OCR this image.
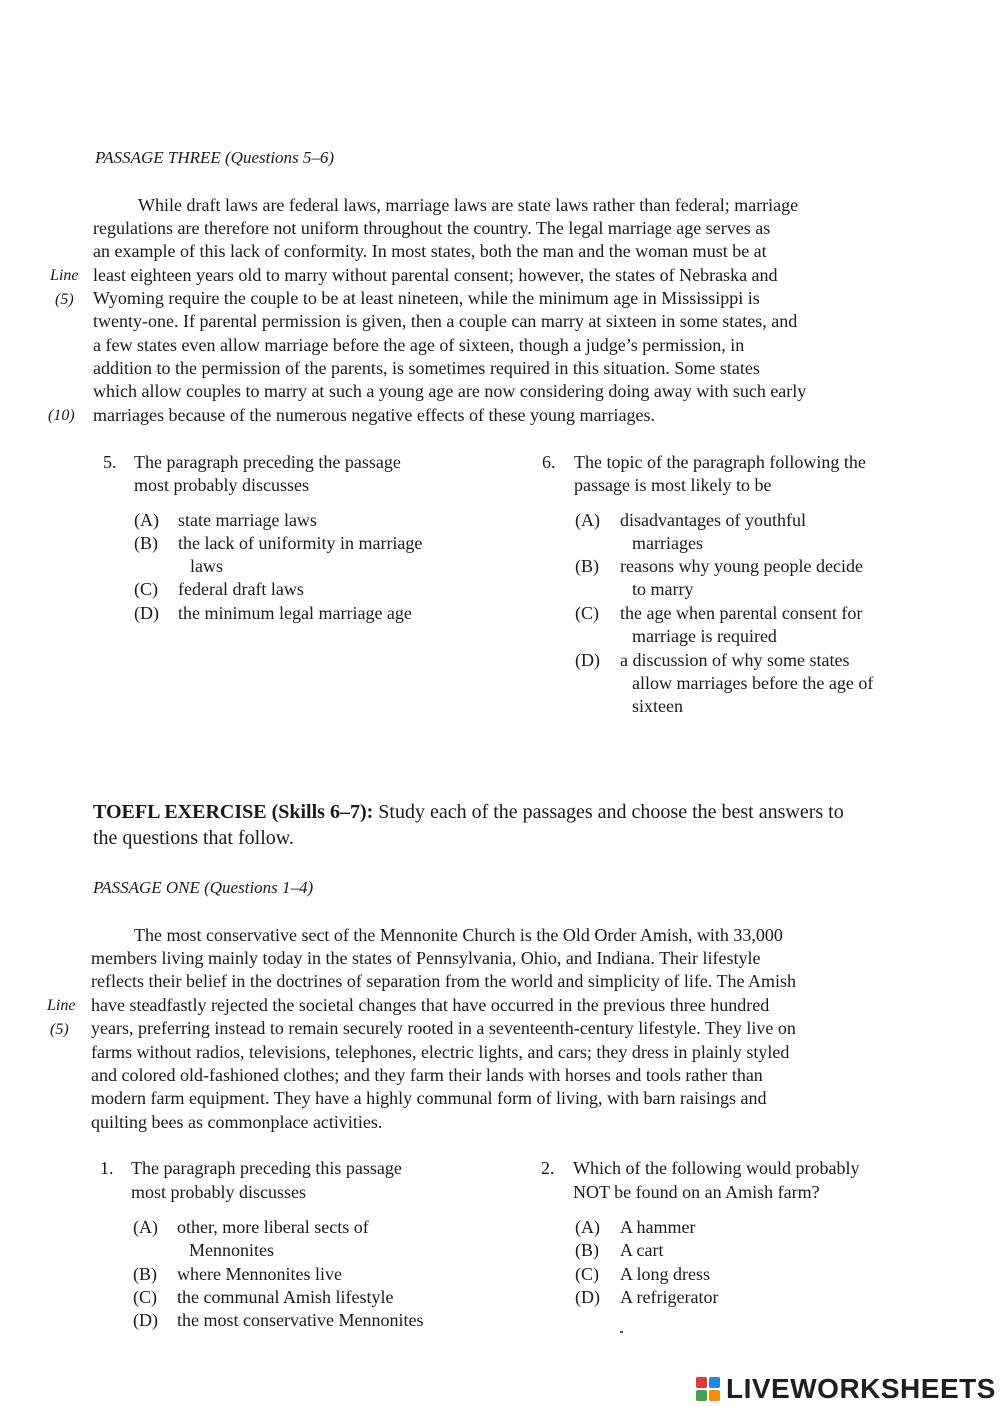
PASSAGE THREE (Questions 5–6)
While draft laws are federal laws, marriage laws are state laws rather than federal; marriage
regulations are therefore not uniform throughout the country. The legal marriage age serves as
an example of this lack of conformity. In most states, both the man and the woman must be at
least eighteen years old to marry without parental consent; however, the states of Nebraska and
Wyoming require the couple to be at least nineteen, while the minimum age in Mississippi is
twenty-one. If parental permission is given, then a couple can marry at sixteen in some states, and
a few states even allow marriage before the age of sixteen, though a judge’s permission, in
addition to the permission of the parents, is sometimes required in this situation. Some states
which allow couples to marry at such a young age are now considering doing away with such early
marriages because of the numerous negative effects of these young marriages.
Line
(5)
(10)
5. The paragraph preceding the passage
most probably discusses
(A) state marriage laws
(B) the lack of uniformity in marriage
laws
(C) federal draft laws
(D) the minimum legal marriage age
6. The topic of the paragraph following the
passage is most likely to be
(A) disadvantages of youthful
marriages
(B) reasons why young people decide
to marry
(C) the age when parental consent for
marriage is required
(D) a discussion of why some states
allow marriages before the age of
sixteen
TOEFL EXERCISE (Skills 6–7): Study each of the passages and choose the best answers to
the questions that follow.
PASSAGE ONE (Questions 1–4)
The most conservative sect of the Mennonite Church is the Old Order Amish, with 33,000
members living mainly today in the states of Pennsylvania, Ohio, and Indiana. Their lifestyle
reflects their belief in the doctrines of separation from the world and simplicity of life. The Amish
have steadfastly rejected the societal changes that have occurred in the previous three hundred
years, preferring instead to remain securely rooted in a seventeenth-century lifestyle. They live on
farms without radios, televisions, telephones, electric lights, and cars; they dress in plainly styled
and colored old-fashioned clothes; and they farm their lands with horses and tools rather than
modern farm equipment. They have a highly communal form of living, with barn raisings and
quilting bees as commonplace activities.
Line
(5)
1. The paragraph preceding this passage
most probably discusses
(A) other, more liberal sects of
Mennonites
(B) where Mennonites live
(C) the communal Amish lifestyle
(D) the most conservative Mennonites
2. Which of the following would probably
NOT be found on an Amish farm?
(A) A hammer
(B) A cart
(C) A long dress
(D) A refrigerator
LIVEWORKSHEETS
